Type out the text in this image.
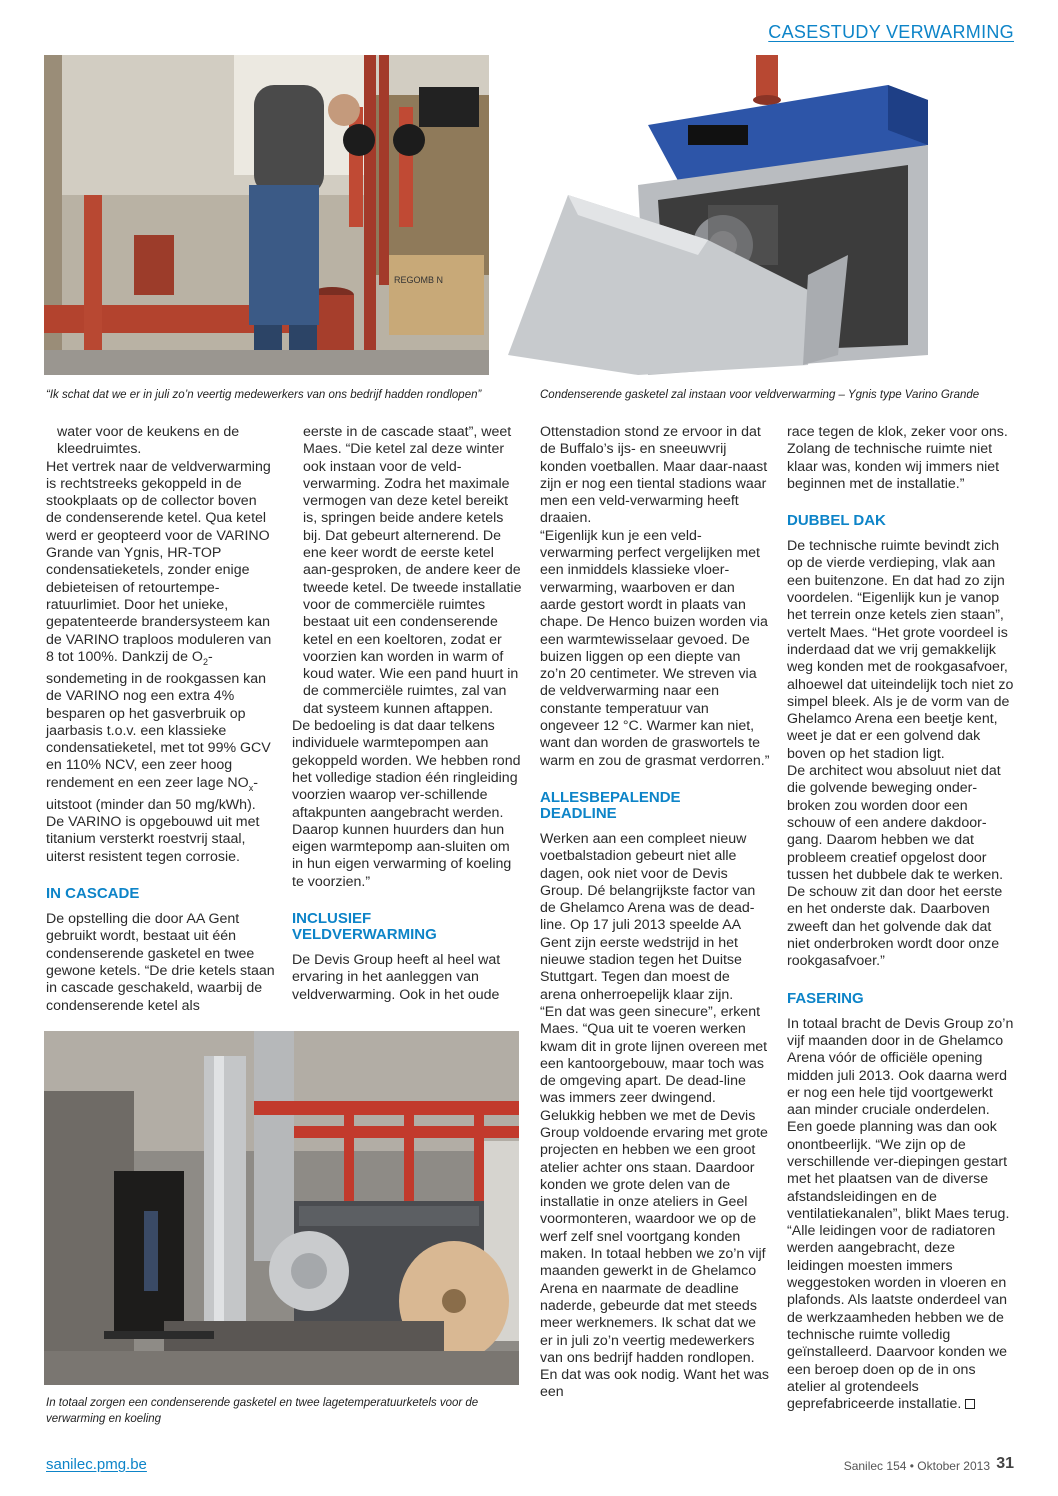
CASESTUDY VERWARMING
REGOMB N
“Ik schat dat we er in juli zo’n veertig medewerkers van ons bedrijf hadden rondlopen”	Condenserende gasketel zal instaan voor veldverwarming – Ygnis type Varino Grande

water voor de keukens en de kleedruimtes.

Het vertrek naar de veldverwarming is rechtstreeks gekoppeld in de stookplaats op de collector boven de condenserende ketel. Qua ketel werd er geopteerd voor de VARINO Grande van Ygnis, HR-TOP condensatieketels, zonder enige debieteisen of retourtempe-ratuurlimiet. Door het unieke, gepatenteerde brandersysteem kan de VARINO traploos moduleren van 8 tot 100%. Dankzij de $O_2$-sondemeting in de rookgassen kan de VARINO nog een extra 4% besparen op het gasverbruik op jaarbasis t.o.v. een klassieke condensatieketel, met tot 99% GCV en 110% NCV, een zeer hoog rendement en een zeer lage $NO_x$-uitstoot (minder dan 50 mg/kWh). De VARINO is opgebouwd uit met titanium versterkt roestvrij staal, uiterst resistent tegen corrosie.

IN CASCADE

De opstelling die door AA Gent gebruikt wordt, bestaat uit één condenserende gasketel en twee gewone ketels. “De drie ketels staan in cascade geschakeld, waarbij de condenserende ketel als

eerste in de cascade staat”, weet Maes. “Die ketel zal deze winter ook instaan voor de veld-verwarming. Zodra het maximale vermogen van deze ketel bereikt is, springen beide andere ketels bij. Dat gebeurt alternerend. De ene keer wordt de eerste ketel aan-gesproken, de andere keer de tweede ketel. De tweede installatie voor de commerciële ruimtes bestaat uit een condenserende ketel en een koeltoren, zodat er voorzien kan worden in warm of koud water. Wie een pand huurt in de commerciële ruimtes, zal van dat systeem kunnen aftappen.

De bedoeling is dat daar telkens individuele warmtepompen aan gekoppeld worden. We hebben rond het volledige stadion één ringleiding voorzien waarop ver-schillende aftakpunten aangebracht werden. Daarop kunnen huurders dan hun eigen warmtepomp aan-sluiten om in hun eigen verwarming of koeling te voorzien.”

INCLUSIEF VELDVERWARMING

De Devis Group heeft al heel wat ervaring in het aanleggen van veldverwarming. Ook in het oude

Ottenstadion stond ze ervoor in dat de Buffalo’s ijs- en sneeuwvrij konden voetballen. Maar daar-naast zijn er nog een tiental stadions waar men een veld-verwarming heeft draaien.

“Eigenlijk kun je een veld-verwarming perfect vergelijken met een inmiddels klassieke vloer-verwarming, waarboven er dan aarde gestort wordt in plaats van chape. De Henco buizen worden via een warmtewisselaar gevoed. De buizen liggen op een diepte van zo’n 20 centimeter. We streven via de veldverwarming naar een constante temperatuur van ongeveer 12 °C. Warmer kan niet, want dan worden de graswortels te warm en zou de grasmat verdorren.”

ALLESBEPALENDE DEADLINE

Werken aan een compleet nieuw voetbalstadion gebeurt niet alle dagen, ook niet voor de Devis Group. Dé belangrijkste factor van de Ghelamco Arena was de dead-line. Op 17 juli 2013 speelde AA Gent zijn eerste wedstrijd in het nieuwe stadion tegen het Duitse Stuttgart. Tegen dan moest de arena onherroepelijk klaar zijn.

“En dat was geen sinecure”, erkent Maes. “Qua uit te voeren werken kwam dit in grote lijnen overeen met een kantoorgebouw, maar toch was de omgeving apart. De dead-line was immers zeer dwingend. Gelukkig hebben we met de Devis Group voldoende ervaring met grote projecten en hebben we een groot atelier achter ons staan. Daardoor konden we grote delen van de installatie in onze ateliers in Geel voormonteren, waardoor we op de werf zelf snel voortgang konden maken. In totaal hebben we zo’n vijf maanden gewerkt in de Ghelamco Arena en naarmate de deadline naderde, gebeurde dat met steeds meer werknemers. Ik schat dat we er in juli zo’n veertig medewerkers van ons bedrijf hadden rondlopen. En dat was ook nodig. Want het was een

race tegen de klok, zeker voor ons. Zolang de technische ruimte niet klaar was, konden wij immers niet beginnen met de installatie.”

DUBBEL DAK

De technische ruimte bevindt zich op de vierde verdieping, vlak aan een buitenzone. En dat had zo zijn voordelen. “Eigenlijk kun je vanop het terrein onze ketels zien staan”, vertelt Maes. “Het grote voordeel is inderdaad dat we vrij gemakkelijk weg konden met de rookgasafvoer, alhoewel dat uiteindelijk toch niet zo simpel bleek. Als je de vorm van de Ghelamco Arena een beetje kent, weet je dat er een golvend dak boven op het stadion ligt.

De architect wou absoluut niet dat die golvende beweging onder-broken zou worden door een schouw of een andere dakdoor-gang. Daarom hebben we dat probleem creatief opgelost door tussen het dubbele dak te werken. De schouw zit dan door het eerste en het onderste dak. Daarboven zweeft dan het golvende dak dat niet onderbroken wordt door onze rookgasafvoer.”

FASERING

In totaal bracht de Devis Group zo’n vijf maanden door in de Ghelamco Arena vóór de officiële opening midden juli 2013. Ook daarna werd er nog een hele tijd voortgewerkt aan minder cruciale onderdelen. Een goede planning was dan ook onontbeerlijk. “We zijn op de verschillende ver-diepingen gestart met het plaatsen van de diverse afstandsleidingen en de ventilatiekanalen”, blikt Maes terug. “Alle leidingen voor de radiatoren werden aangebracht, deze leidingen moesten immers weggestoken worden in vloeren en plafonds. Als laatste onderdeel van de werkzaamheden hebben we de technische ruimte volledig geïnstalleerd. Daarvoor konden we een beroep doen op de in ons atelier al grotendeels geprefabriceerde installatie.

In totaal zorgen een condenserende gasketel en twee lagetemperatuurketels voor de verwarming en koeling
sanilec.pmg.be	Sanilec 154 • Oktober 2013 31
